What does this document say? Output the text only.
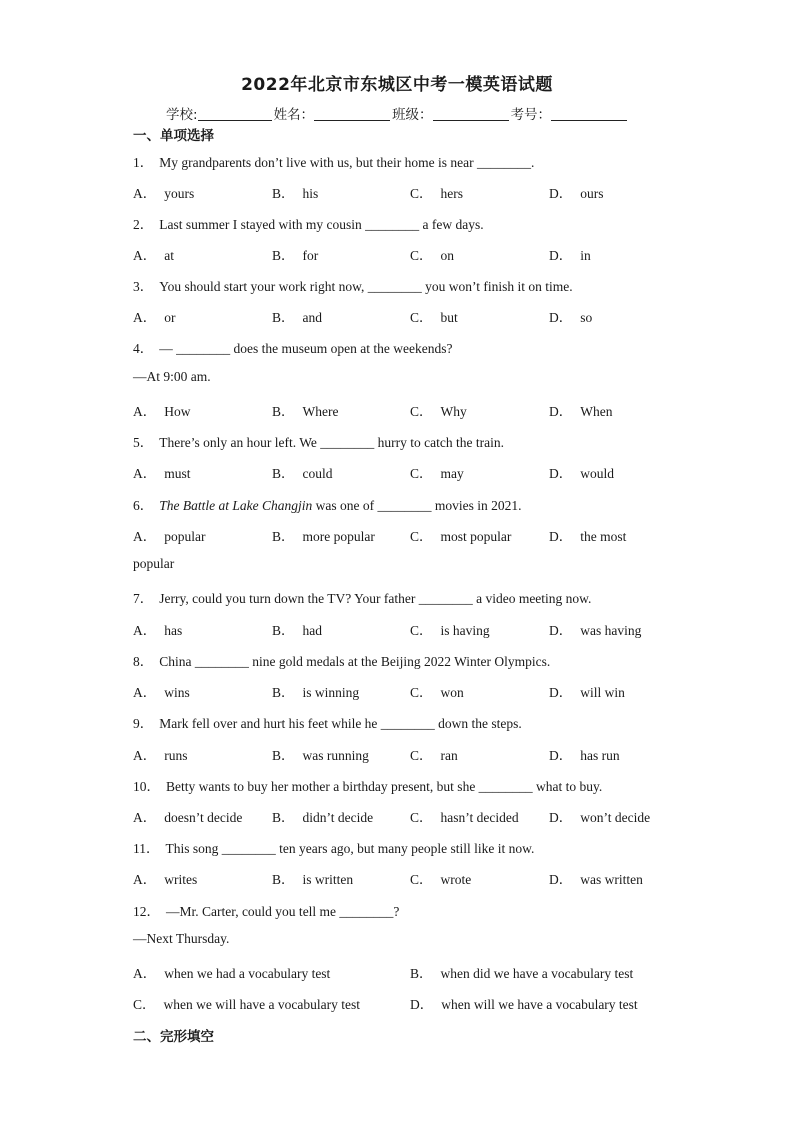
2022年北京市东城区中考一模英语试题
学校:	姓名：	班级：	考号：
一、单项选择
1． My grandparents don’t live with us, but their home is near ________.
A． yours	B． his	C． hers	D． ours
2． Last summer I stayed with my cousin ________ a few days.
A． at	B． for	C． on	D． in
3． You should start your work right now, ________ you won’t finish it on time.
A． or	B． and	C． but	D． so
4． — ________ does the museum open at the weekends?
—At 9:00 am.
A． How	B． Where	C． Why	D． When
5． There’s only an hour left. We ________ hurry to catch the train.
A． must	B． could	C． may	D． would
6． The Battle at Lake Changjin was one of ________ movies in 2021.
A． popular	B． more popular	C． most popular	D． the most
popular
7． Jerry, could you turn down the TV? Your father ________ a video meeting now.
A． has	B． had	C． is having	D． was having
8． China ________ nine gold medals at the Beijing 2022 Winter Olympics.
A． wins	B． is winning	C． won	D． will win
9． Mark fell over and hurt his feet while he ________ down the steps.
A． runs	B． was running	C． ran	D． has run
10． Betty wants to buy her mother a birthday present, but she ________ what to buy.
A． doesn’t decide B． didn’t decide	C． hasn’t decided D． won’t decide
11． This song ________ ten years ago, but many people still like it now.
A． writes	B． is written	C． wrote	D． was written
12． —Mr. Carter, could you tell me ________?
—Next Thursday.
A． when we had a vocabulary test	B． when did we have a vocabulary test
C． when we will have a vocabulary test	D． when will we have a vocabulary test
二、完形填空
